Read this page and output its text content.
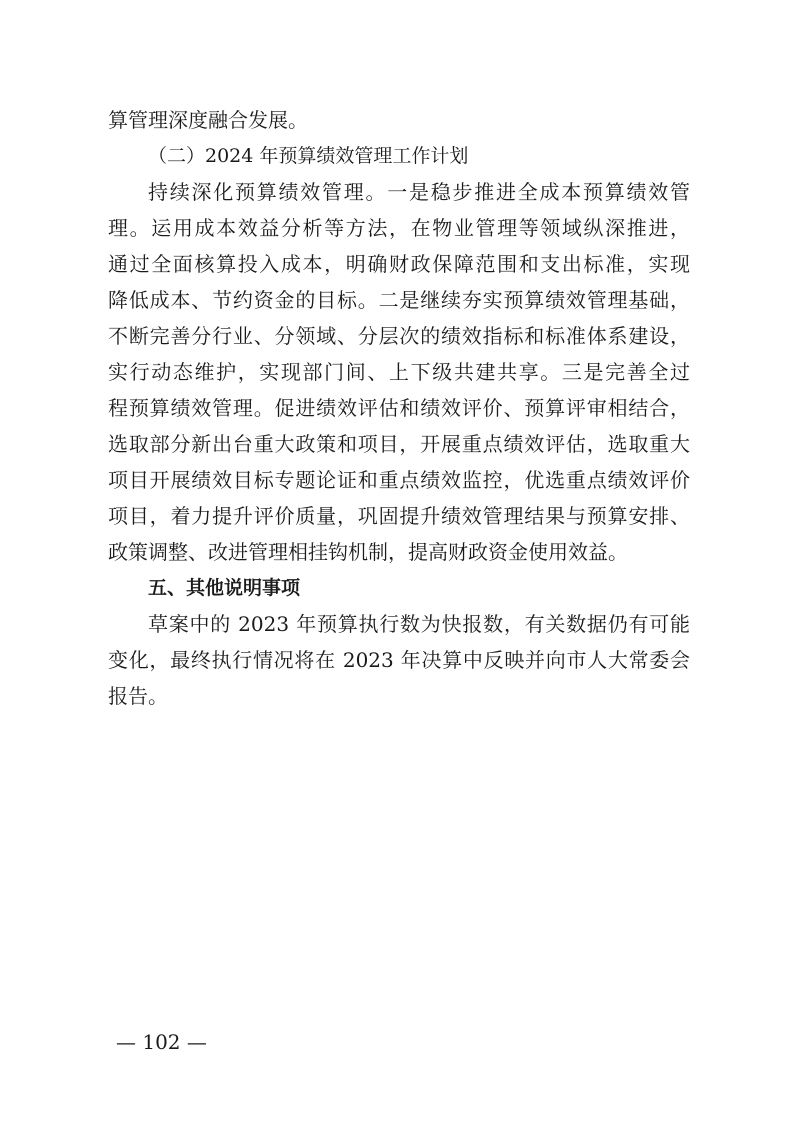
算管理深度融合发展。
（二）2024 年预算绩效管理工作计划
持续深化预算绩效管理。一是稳步推进全成本预算绩效管
理。运用成本效益分析等方法，在物业管理等领域纵深推进，
通过全面核算投入成本，明确财政保障范围和支出标准，实现
降低成本、节约资金的目标。二是继续夯实预算绩效管理基础，
不断完善分行业、分领域、分层次的绩效指标和标准体系建设，
实行动态维护，实现部门间、上下级共建共享。三是完善全过
程预算绩效管理。促进绩效评估和绩效评价、预算评审相结合，
选取部分新出台重大政策和项目，开展重点绩效评估，选取重大
项目开展绩效目标专题论证和重点绩效监控，优选重点绩效评价
项目，着力提升评价质量，巩固提升绩效管理结果与预算安排、
政策调整、改进管理相挂钩机制，提高财政资金使用效益。
五、其他说明事项
草案中的 2023 年预算执行数为快报数，有关数据仍有可能
变化，最终执行情况将在 2023 年决算中反映并向市人大常委会
报告。
— 102 —
